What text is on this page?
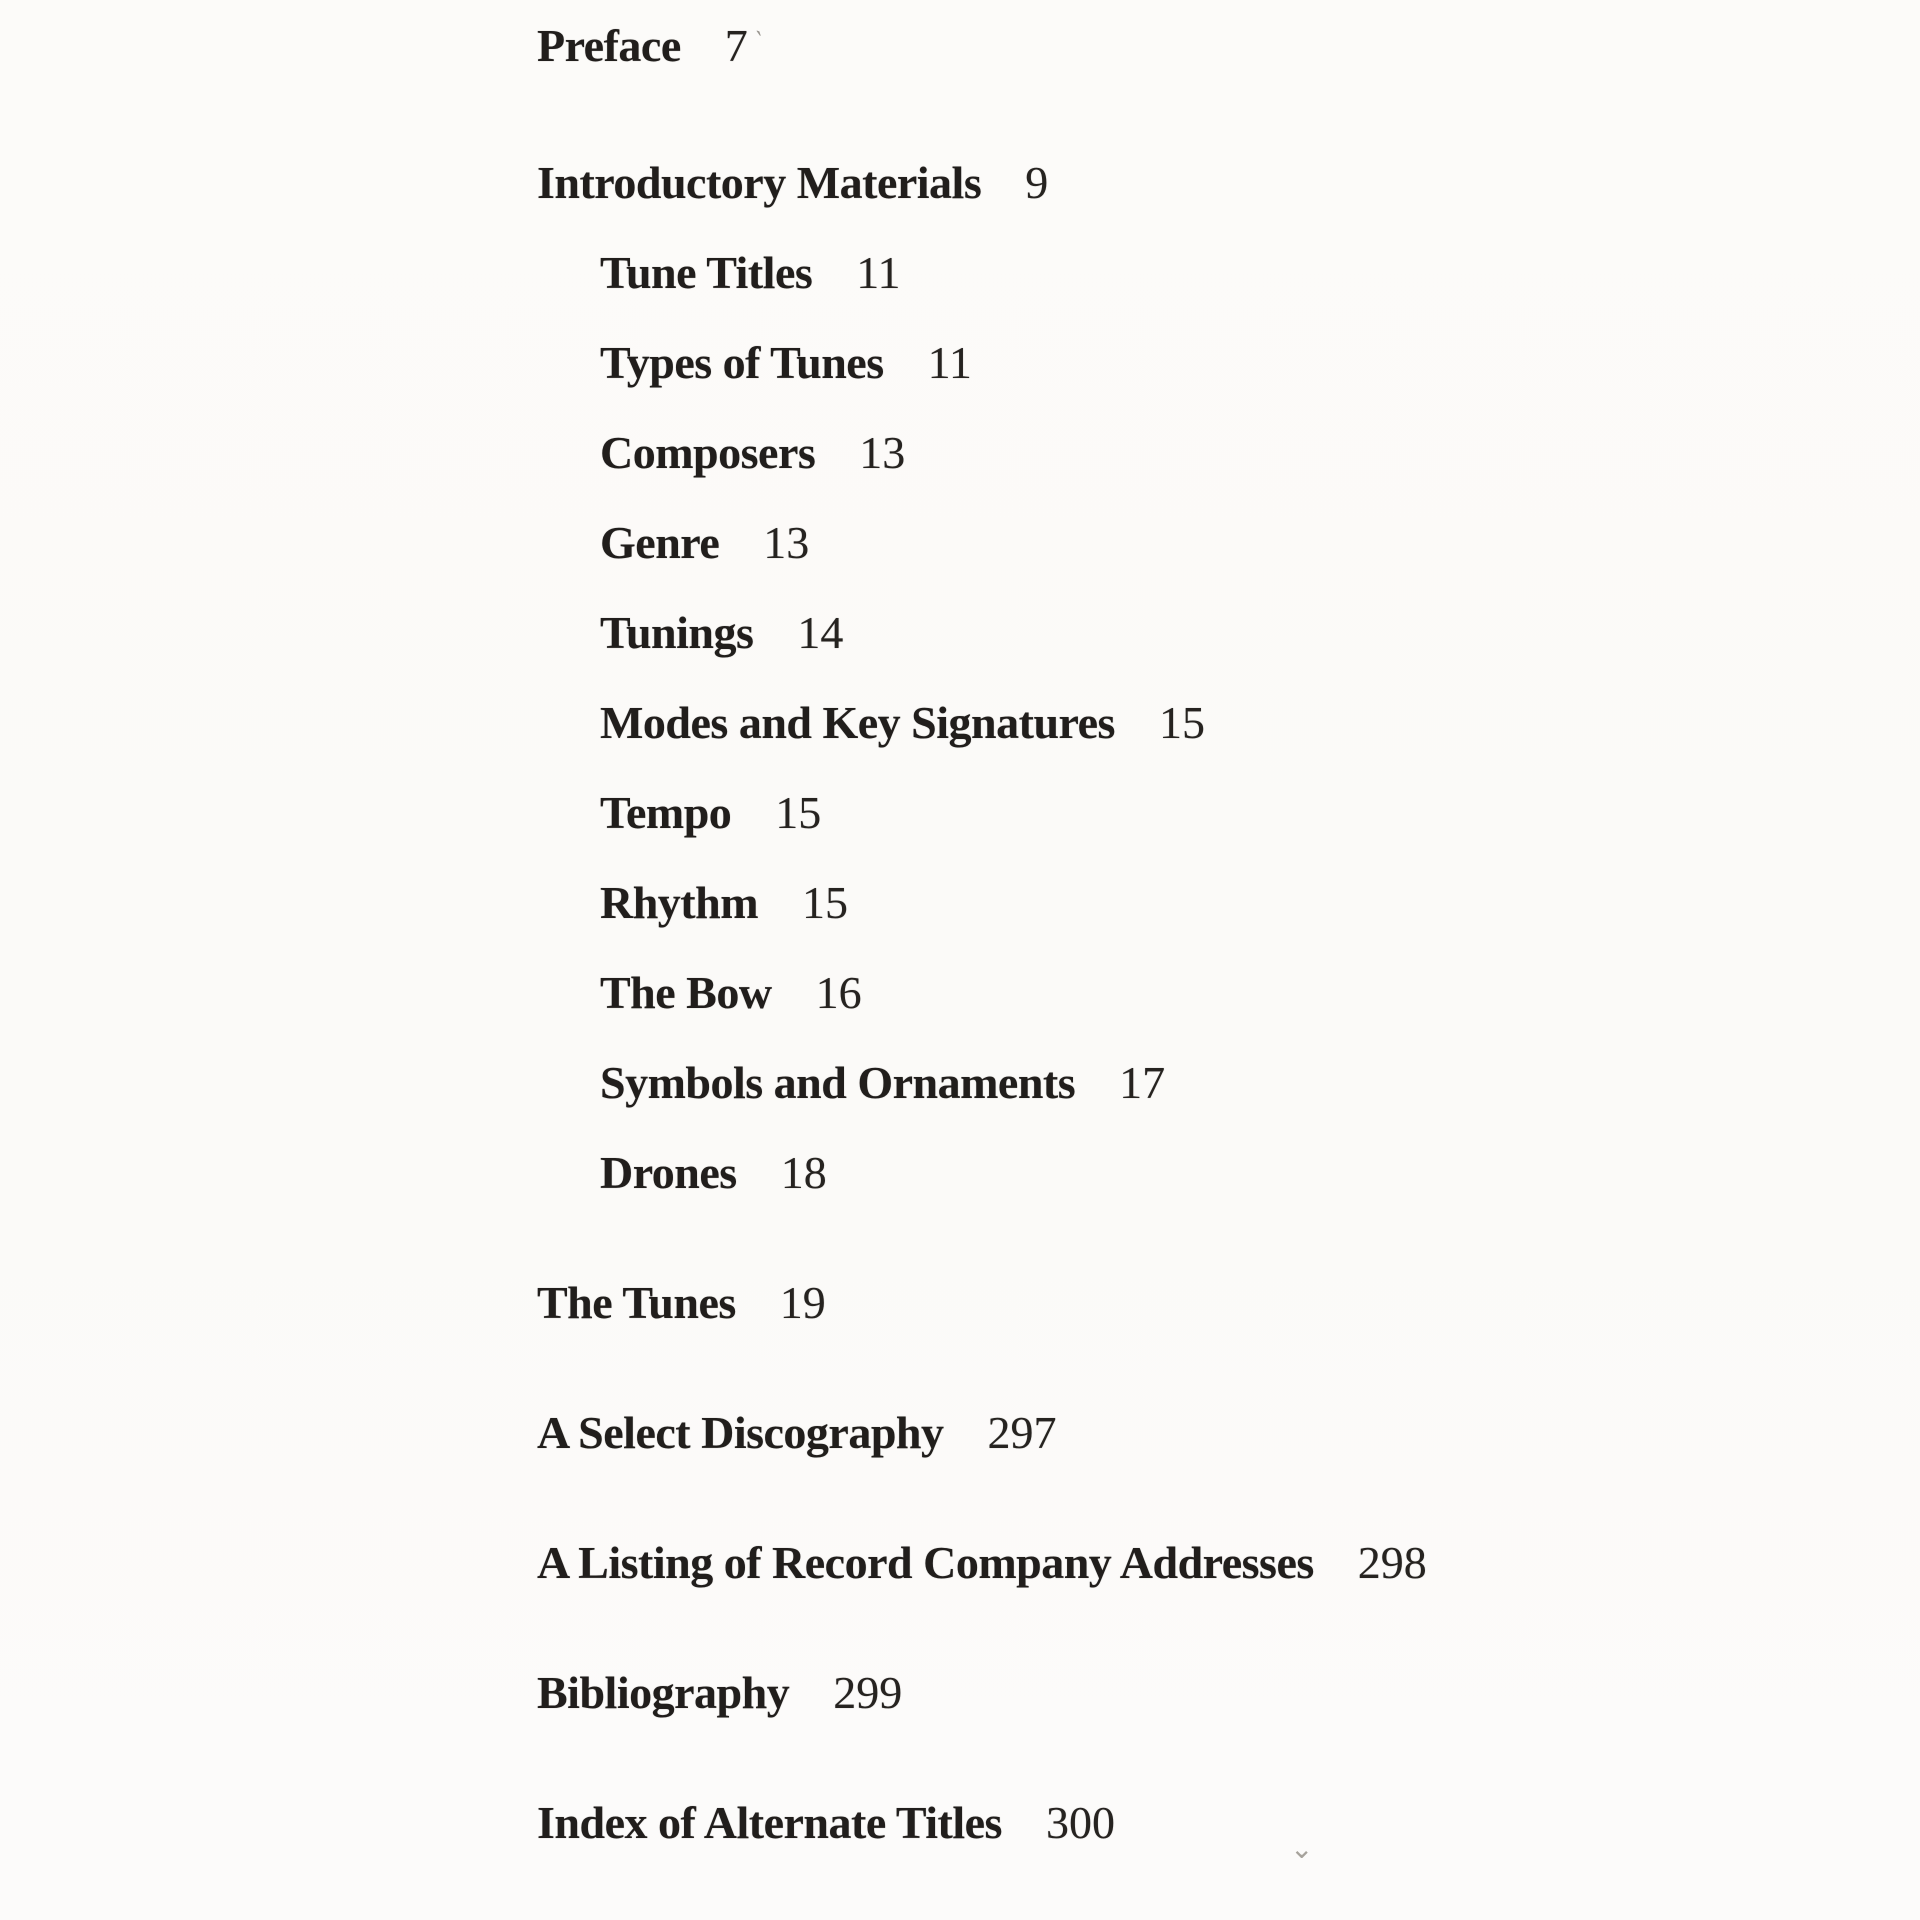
Preface 7
Introductory Materials 9
Tune Titles 11
Types of Tunes 11
Composers 13
Genre 13
Tunings 14
Modes and Key Signatures 15
Tempo 15
Rhythm 15
The Bow 16
Symbols and Ornaments 17
Drones 18
The Tunes 19
A Select Discography 297
A Listing of Record Company Addresses 298
Bibliography 299
Index of Alternate Titles 300
`
⌄
